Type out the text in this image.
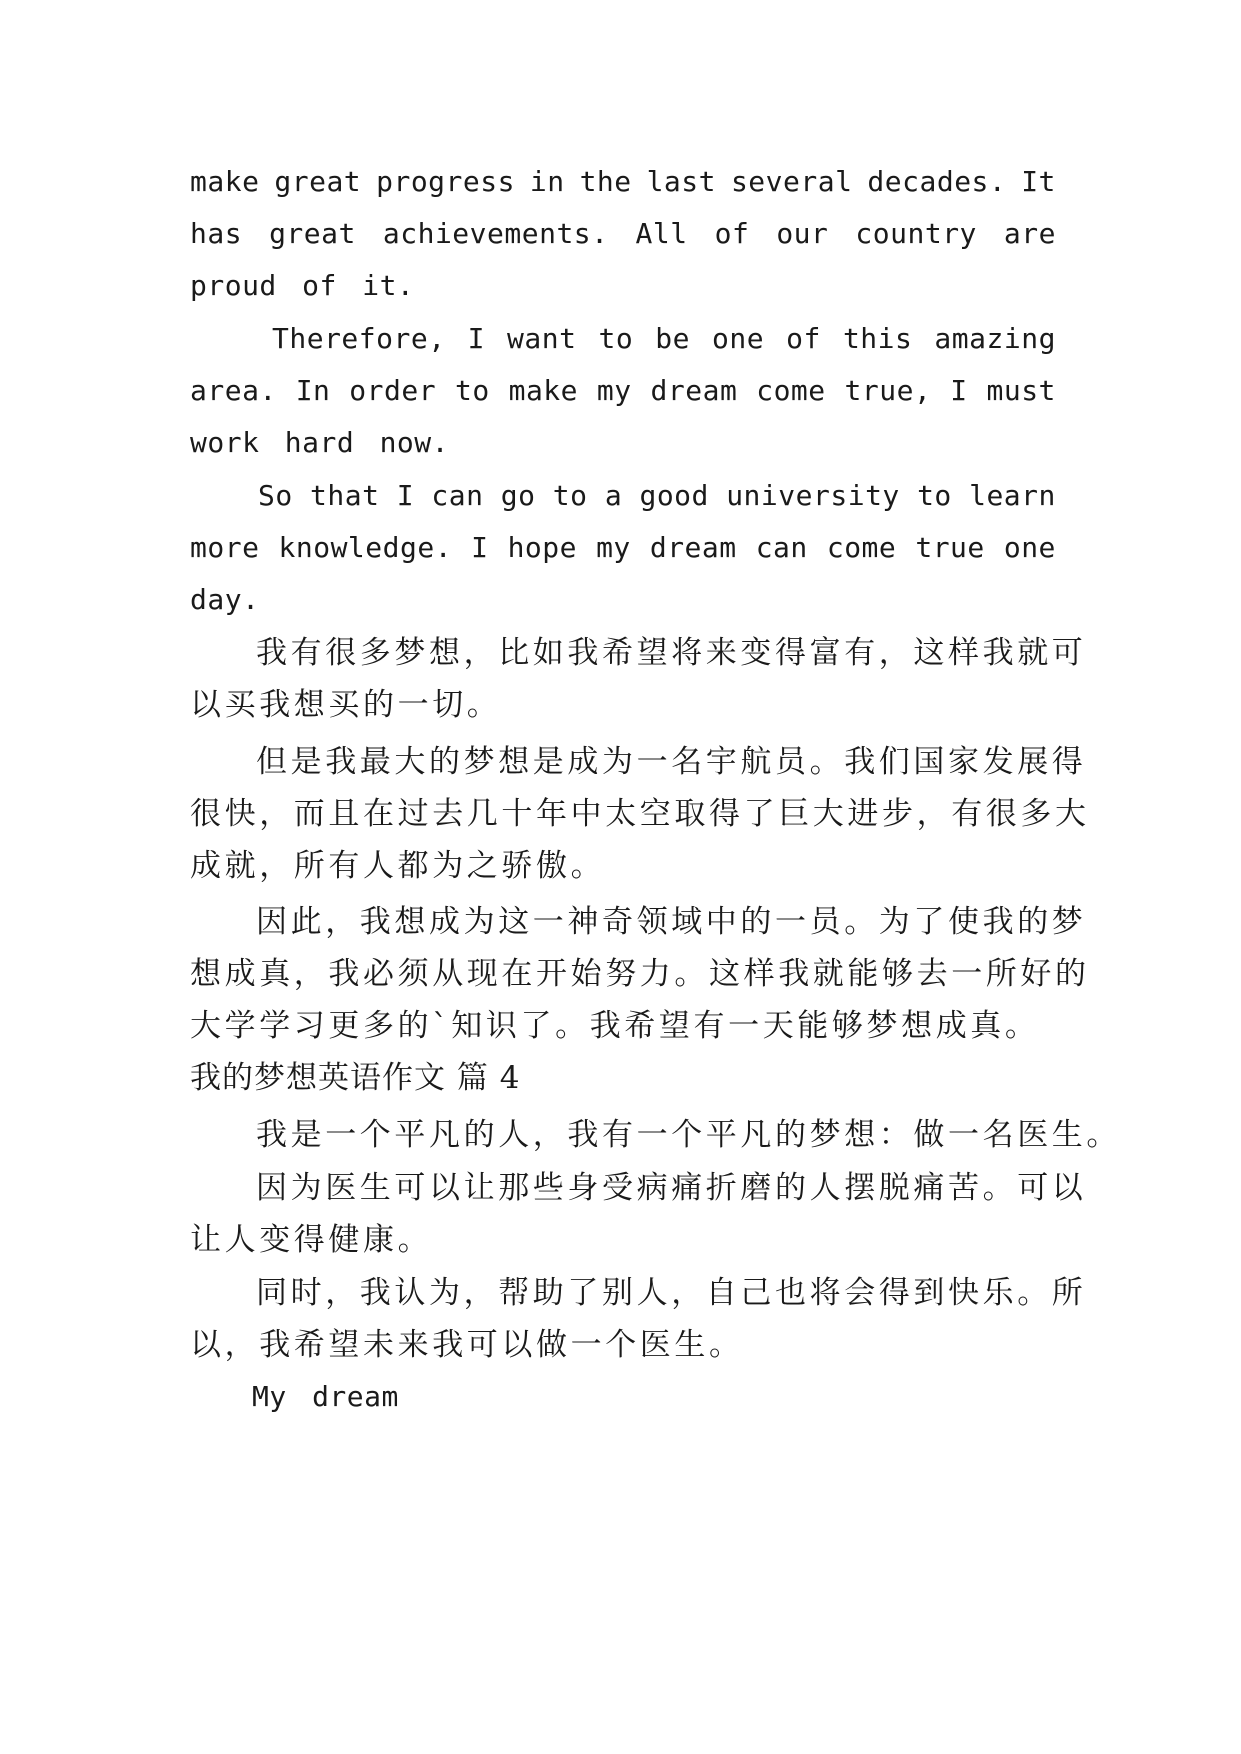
make great progress in the last several decades. It
has great achievements. All of our country are
proud of it.
Therefore, I want to be one of this amazing
area. In order to make my dream come true, I must
work hard now.
So that I can go to a good university to learn
more knowledge. I hope my dream can come true one
day.
我有很多梦想，比如我希望将来变得富有，这样我就可
以买我想买的一切。
但是我最大的梦想是成为一名宇航员。我们国家发展得
很快，而且在过去几十年中太空取得了巨大进步，有很多大
成就，所有人都为之骄傲。
因此，我想成为这一神奇领域中的一员。为了使我的梦
想成真，我必须从现在开始努力。这样我就能够去一所好的
大学学习更多的`知识了。我希望有一天能够梦想成真。
我的梦想英语作文 篇 4
我是一个平凡的人，我有一个平凡的梦想：做一名医生。
因为医生可以让那些身受病痛折磨的人摆脱痛苦。可以
让人变得健康。
同时，我认为，帮助了别人，自己也将会得到快乐。所
以，我希望未来我可以做一个医生。
My dream
